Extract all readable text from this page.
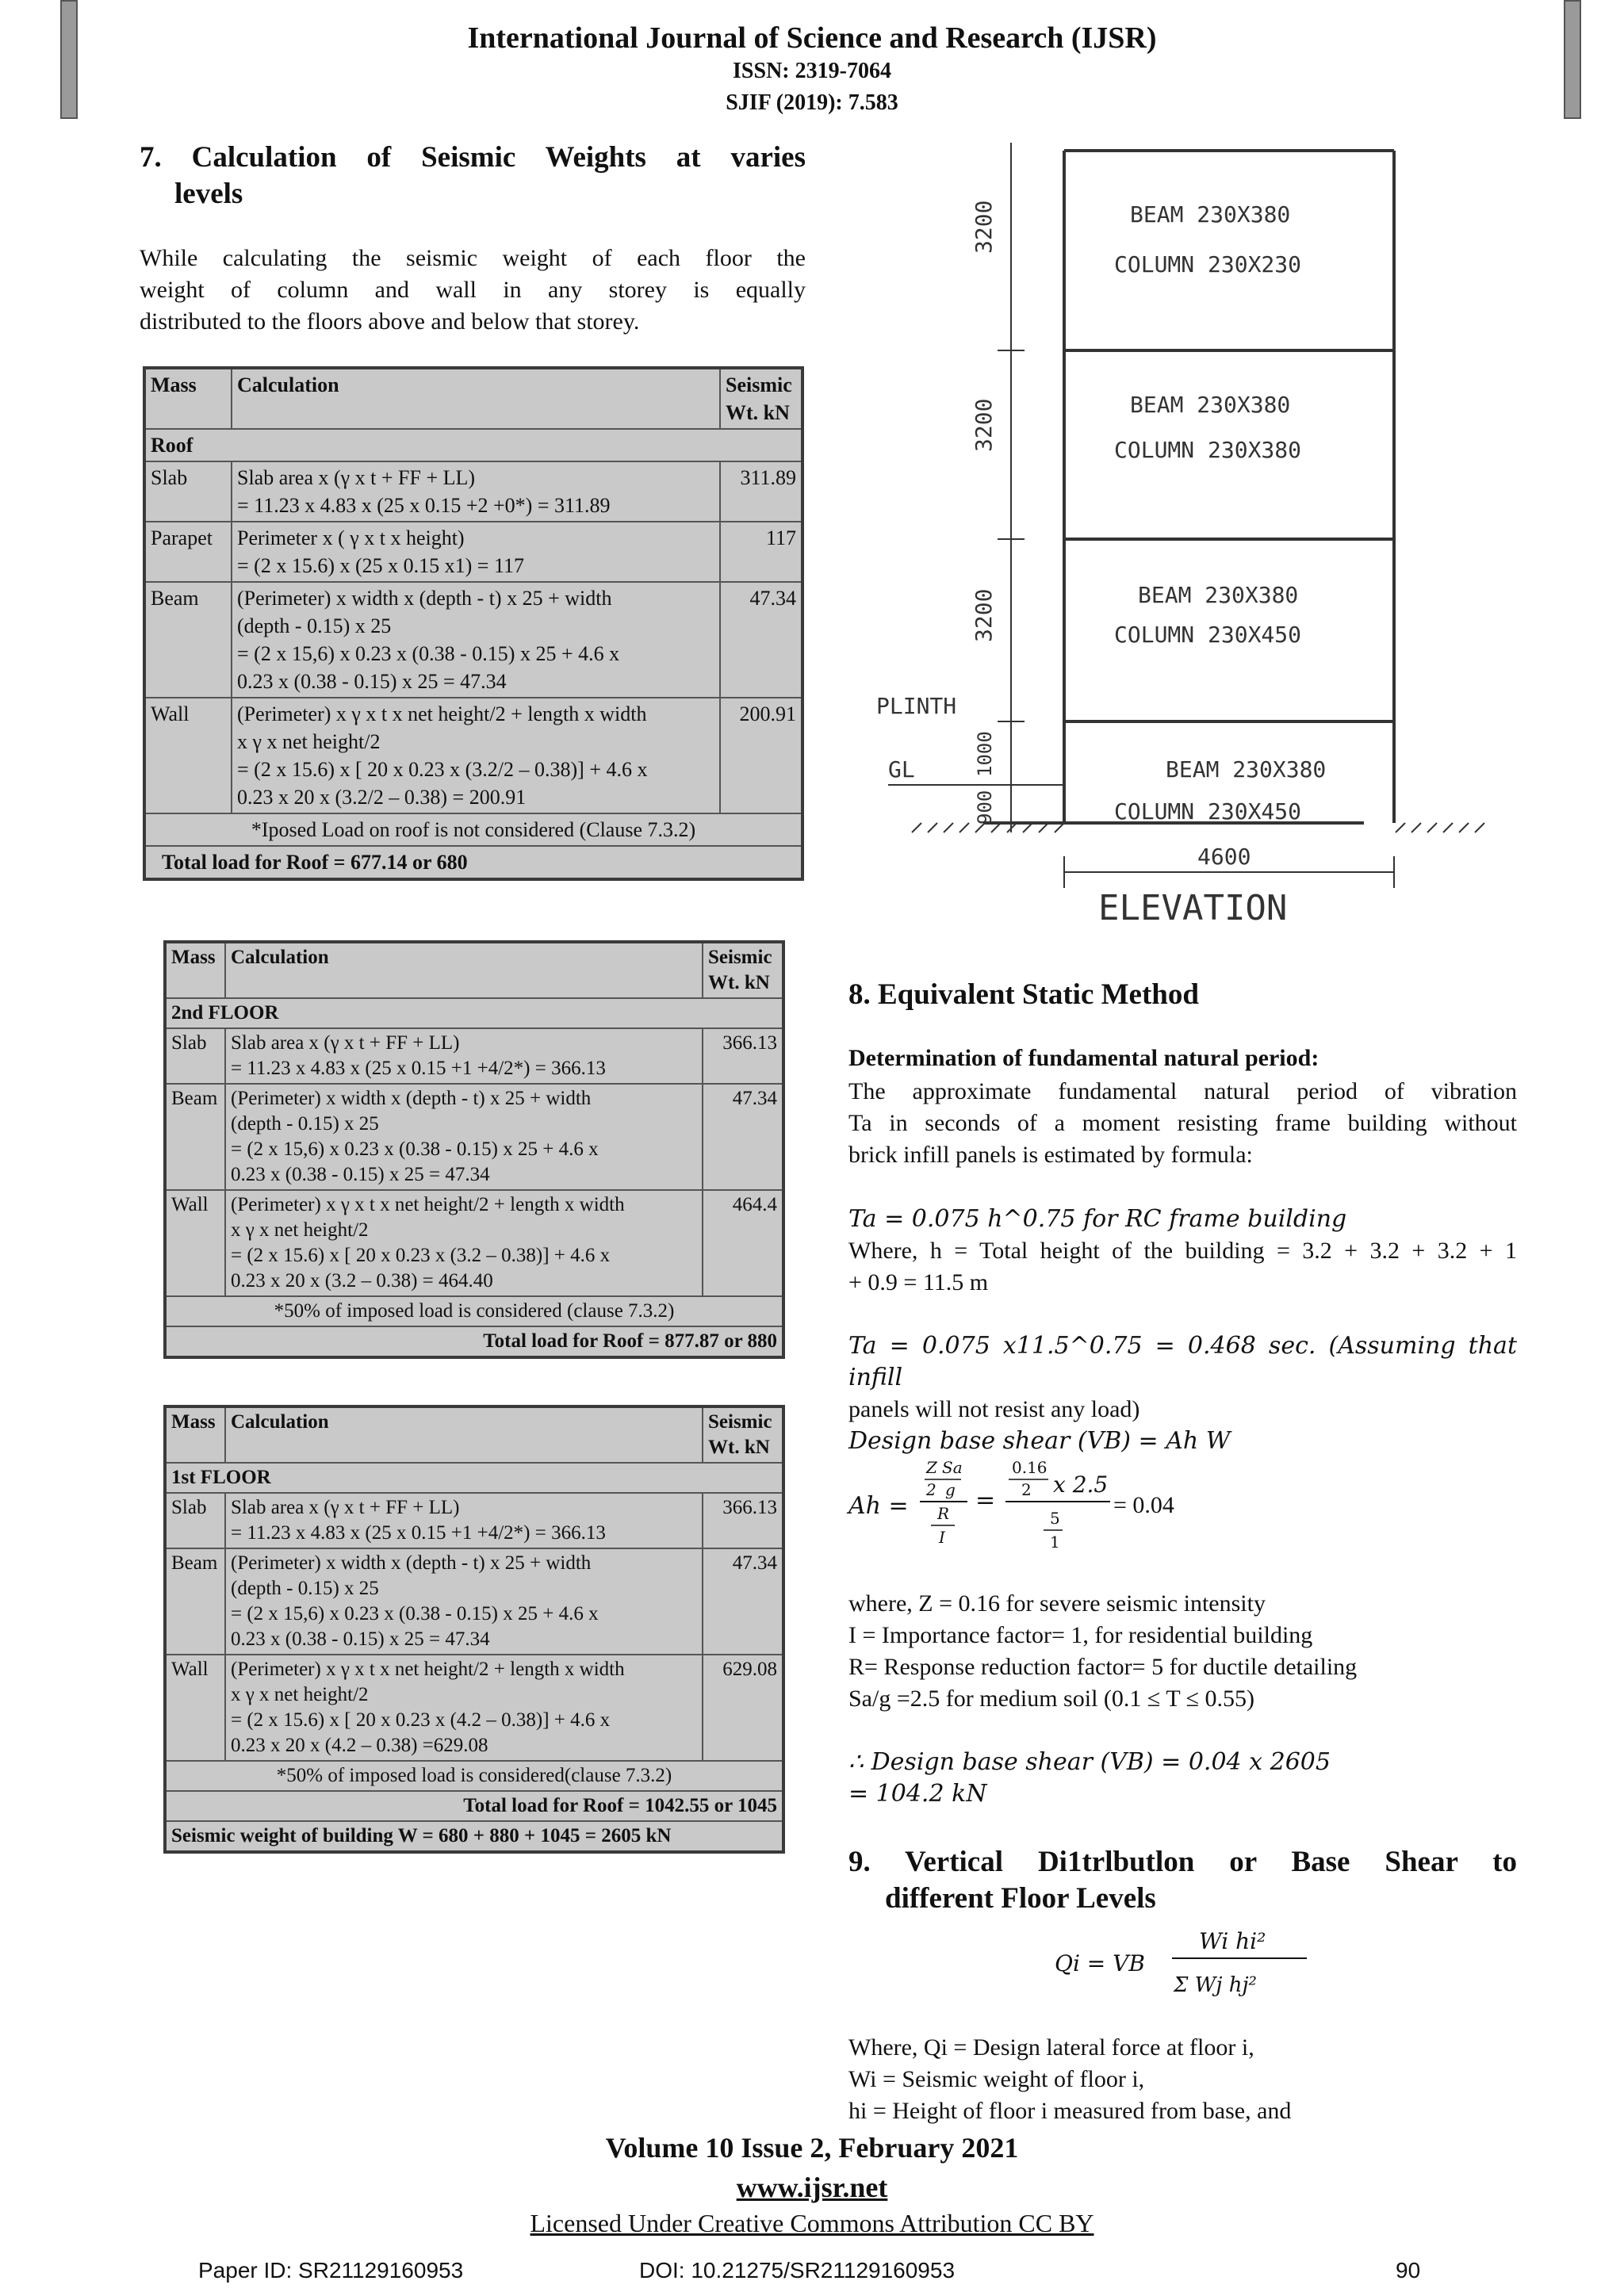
International Journal of Science and Research (IJSR)
ISSN: 2319-7064
SJIF (2019): 7.583
7. Calculation of Seismic Weights at varies
levels
While calculating the seismic weight of each floor the
weight of column and wall in any storey is equally
distributed to the floors above and below that storey.
Mass	Calculation	Seismic Wt. kN
Roof		
Slab	Slab area x (γ x t + FF + LL)
= 11.23 x 4.83 x (25 x 0.15 +2 +0*) = 311.89	311.89
Parapet	Perimeter x ( γ x t x height)
= (2 x 15.6) x (25 x 0.15 x1) = 117	117
Beam	(Perimeter) x width x (depth - t) x 25 + width
(depth - 0.15) x 25
= (2 x 15,6) x 0.23 x (0.38 - 0.15) x 25 + 4.6 x
0.23 x (0.38 - 0.15) x 25 = 47.34	47.34
Wall	(Perimeter) x γ x t x net height/2 + length x width
x γ x net height/2
= (2 x 15.6) x [ 20 x 0.23 x (3.2/2 – 0.38)] + 4.6 x
0.23 x 20 x (3.2/2 – 0.38) = 200.91	200.91
*Iposed Load on roof is not considered (Clause 7.3.2)		
Total load for Roof = 677.14 or 680		
Mass	Calculation	Seismic Wt. kN
2nd FLOOR		
Slab	Slab area x (γ x t + FF + LL)
= 11.23 x 4.83 x (25 x 0.15 +1 +4/2*) = 366.13	366.13
Beam	(Perimeter) x width x (depth - t) x 25 + width
(depth - 0.15) x 25
= (2 x 15,6) x 0.23 x (0.38 - 0.15) x 25 + 4.6 x
0.23 x (0.38 - 0.15) x 25 = 47.34	47.34
Wall	(Perimeter) x γ x t x net height/2 + length x width
x γ x net height/2
= (2 x 15.6) x [ 20 x 0.23 x (3.2 – 0.38)] + 4.6 x
0.23 x 20 x (3.2 – 0.38) = 464.40	464.4
*50% of imposed load is considered (clause 7.3.2)		
Total load for Roof = 877.87 or 880		
Mass	Calculation	Seismic Wt. kN
1st FLOOR		
Slab	Slab area x (γ x t + FF + LL)
= 11.23 x 4.83 x (25 x 0.15 +1 +4/2*) = 366.13	366.13
Beam	(Perimeter) x width x (depth - t) x 25 + width
(depth - 0.15) x 25
= (2 x 15,6) x 0.23 x (0.38 - 0.15) x 25 + 4.6 x
0.23 x (0.38 - 0.15) x 25 = 47.34	47.34
Wall	(Perimeter) x γ x t x net height/2 + length x width
x γ x net height/2
= (2 x 15.6) x [ 20 x 0.23 x (4.2 – 0.38)] + 4.6 x
0.23 x 20 x (4.2 – 0.38) =629.08	629.08
*50% of imposed load is considered(clause 7.3.2)		
Total load for Roof = 1042.55 or 1045		
Seismic weight of building W = 680 + 880 + 1045 = 2605 kN		
BEAM 230X380
COLUMN 230X230
BEAM 230X380
COLUMN 230X380
BEAM 230X380
COLUMN 230X450
PLINTH
GL	BEAM 230X380
COLUMN 230X450
3200
3200
3200
1000
900
4600
ELEVATION
8. Equivalent Static Method
Determination of fundamental natural period:
The approximate fundamental natural period of vibration
Ta in seconds of a moment resisting frame building without
brick infill panels is estimated by formula:
Ta = 0.075 h^0.75 for RC frame building
Where, h = Total height of the building = 3.2 + 3.2 + 3.2 + 1
+ 0.9 = 11.5 m
Ta = 0.075 x11.5^0.75 = 0.468 sec. (Assuming that infill
panels will not resist any load)
Design base shear (VB) = Ah W
Ah =
Z Sa
2 g
R
I
=
0.16
2 x 2.5
5
1
= 0.04
where, Z = 0.16 for severe seismic intensity
I = Importance factor= 1, for residential building
R= Response reduction factor= 5 for ductile detailing
Sa/g =2.5 for medium soil (0.1 ≤ T ≤ 0.55)
∴ Design base shear (VB) = 0.04 x 2605
= 104.2 kN
9. Vertical Di1trlbutlon or Base Shear to
different Floor Levels
Qi = VB
Wi hi²
Σ Wj hj²
Where, Qi = Design lateral force at floor i,
Wi = Seismic weight of floor i,
hi = Height of floor i measured from base, and
Volume 10 Issue 2, February 2021
www.ijsr.net
Licensed Under Creative Commons Attribution CC BY
Paper ID: SR21129160953	DOI: 10.21275/SR21129160953	90
